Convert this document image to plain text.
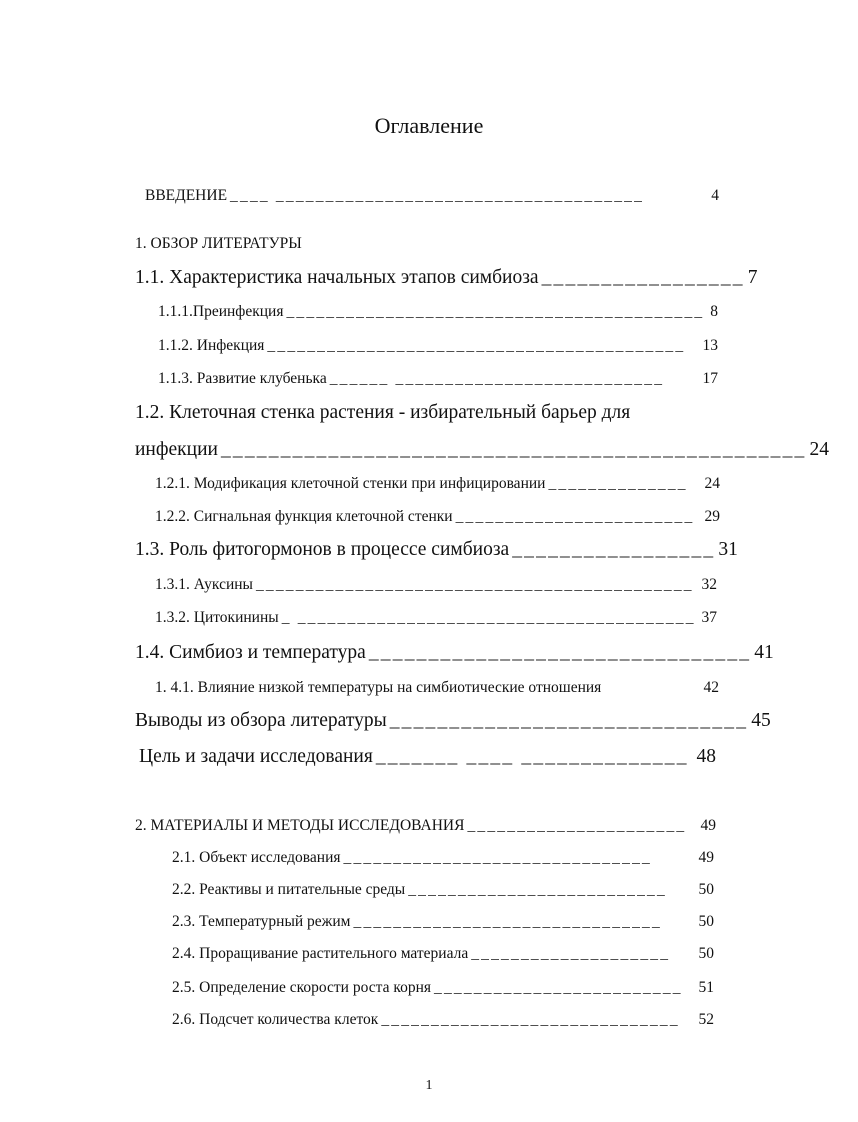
Оглавление
ВВЕДЕНИЕ ____ _____________________________________	4
1. ОБЗОР ЛИТЕРАТУРЫ
1.1. Характеристика начальных этапов симбиоза _________________ 7
1.1.1.Преинфекция __________________________________________ 8
1.1.2. Инфекция __________________________________________	13
1.1.3. Развитие клубенька ______ ___________________________	17
1.2. Клеточная стенка растения - избирательный барьер для
инфекции _________________________________________________ 24
1.2.1. Модификация клеточной стенки при инфицировании ______________	24
1.2.2. Сигнальная функция клеточной стенки ________________________ 29
1.3. Роль фитогормонов в процессе симбиоза _________________ 31
1.3.1. Ауксины ____________________________________________ 32
1.3.2. Цитокинины _ ________________________________________ 37
1.4. Симбиоз и температура ________________________________ 41
1. 4.1. Влияние низкой температуры на симбиотические отношения	42
Выводы из обзора литературы ______________________________ 45
Цель и задачи исследования _______ ____ ______________ 48
2. МАТЕРИАЛЫ И МЕТОДЫ ИССЛЕДОВАНИЯ ______________________ 49
2.1. Объект исследования _______________________________	49
2.2. Реактивы и питательные среды __________________________	50
2.3. Температурный режим _______________________________	50
2.4. Проращивание растительного материала ____________________	50
2.5. Определение скорости роста корня _________________________	51
2.6. Подсчет количества клеток ______________________________	52
1
